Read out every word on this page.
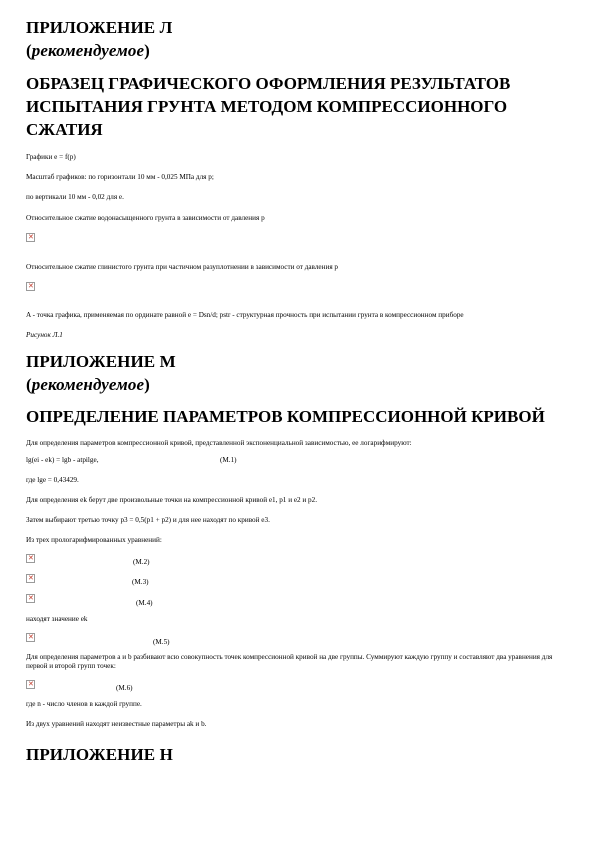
ПРИЛОЖЕНИЕ Л
(рекомендуемое)
ОБРАЗЕЦ ГРАФИЧЕСКОГО ОФОРМЛЕНИЯ РЕЗУЛЬТАТОВ
ИСПЫТАНИЯ ГРУНТА МЕТОДОМ КОМПРЕССИОННОГО
СЖАТИЯ

Графики e = f(p)

Масштаб графиков: по горизонтали 10 мм - 0,025 МПа для p;

по вертикали 10 мм - 0,02 для e.

Относительное сжатие водонасыщенного грунта в зависимости от давления p

✕

Относительное сжатие глинистого грунта при частичном разуплотнении в зависимости от давления p

✕

A - точка графика, применяемая по ординате равной e = Dsn/d; pstr - структурная прочность при испытании грунта в компрессионном приборе

Рисунок Л.1

ПРИЛОЖЕНИЕ М
(рекомендуемое)
ОПРЕДЕЛЕНИЕ ПАРАМЕТРОВ КОМПРЕССИОННОЙ КРИВОЙ

Для определения параметров компрессионной кривой, представленной экспоненциальной зависимостью, ее логарифмируют:

lg(ei - ek) = lgb - atpilge,	(М.1)

где lge = 0,43429.

Для определения ek берут две произвольные точки на компрессионной кривой e1, p1 и e2 и p2.

Затем выбирают третью точку p3 = 0,5(p1 + p2) и для нее находят по кривой e3.

Из трех прологарифмированных уравнений:

✕
(М.2)
✕
(М.3)
✕
(М.4)

находят значение ek

✕
(М.5)

Для определения параметров a и b разбивают всю совокупность точек компрессионной кривой на две группы. Суммируют каждую группу и составляют два уравнения для первой и второй групп точек:

✕
(М.6)

где n - число членов в каждой группе.

Из двух уравнений находят неизвестные параметры ak и b.

ПРИЛОЖЕНИЕ Н
